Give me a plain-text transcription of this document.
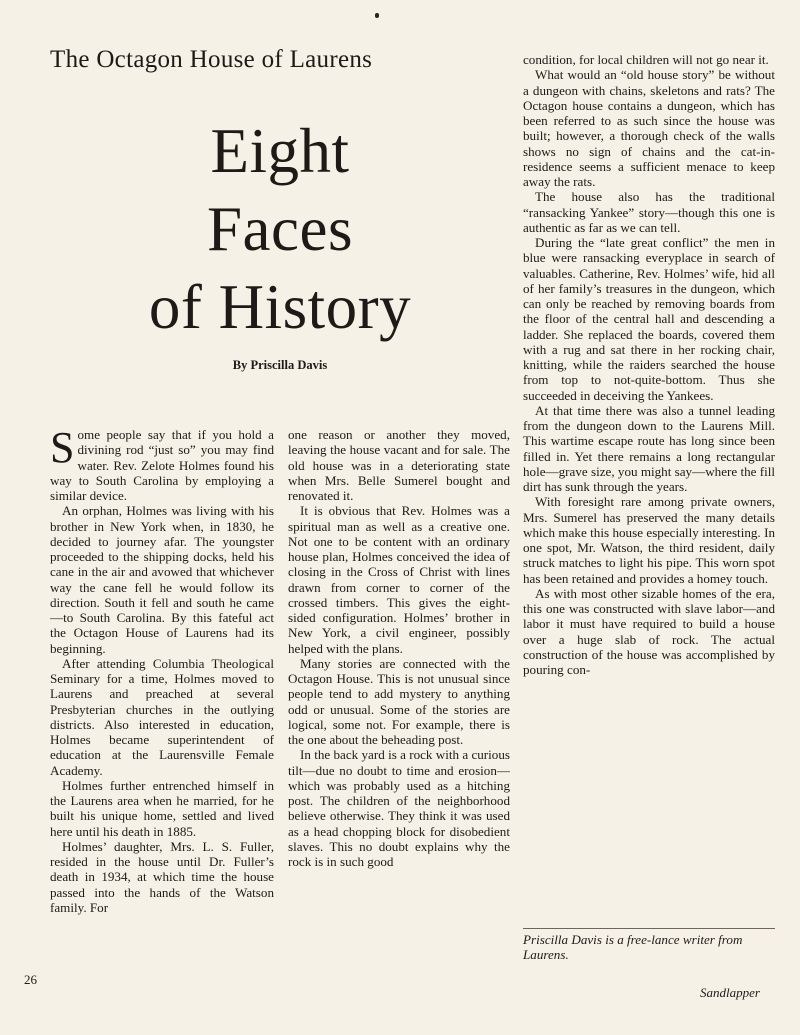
The Octagon House of Laurens
Eight
Faces
of History
By Priscilla Davis

Some people say that if you hold a divining rod “just so” you may find water. Rev. Zelote Holmes found his way to South Carolina by employing a similar device.

An orphan, Holmes was living with his brother in New York when, in 1830, he decided to journey afar. The youngster proceeded to the shipping docks, held his cane in the air and avowed that whichever way the cane fell he would follow its direction. South it fell and south he came—to South Carolina. By this fateful act the Octagon House of Laurens had its beginning.

After attending Columbia Theological Seminary for a time, Holmes moved to Laurens and preached at several Presbyterian churches in the outlying districts. Also interested in education, Holmes became superintendent of education at the Laurensville Female Academy.

Holmes further entrenched himself in the Laurens area when he married, for he built his unique home, settled and lived here until his death in 1885.

Holmes’ daughter, Mrs. L. S. Fuller, resided in the house until Dr. Fuller’s death in 1934, at which time the house passed into the hands of the Watson family. For

one reason or another they moved, leaving the house vacant and for sale. The old house was in a deteriorating state when Mrs. Belle Sumerel bought and renovated it.

It is obvious that Rev. Holmes was a spiritual man as well as a creative one. Not one to be content with an ordinary house plan, Holmes conceived the idea of closing in the Cross of Christ with lines drawn from corner to corner of the crossed timbers. This gives the eight-sided configuration. Holmes’ brother in New York, a civil engineer, possibly helped with the plans.

Many stories are connected with the Octagon House. This is not unusual since people tend to add mystery to anything odd or unusual. Some of the stories are logical, some not. For example, there is the one about the beheading post.

In the back yard is a rock with a curious tilt—due no doubt to time and erosion—which was probably used as a hitching post. The children of the neighborhood believe otherwise. They think it was used as a head chopping block for disobedient slaves. This no doubt explains why the rock is in such good

condition, for local children will not go near it.

What would an “old house story” be without a dungeon with chains, skeletons and rats? The Octagon house contains a dungeon, which has been referred to as such since the house was built; however, a thorough check of the walls shows no sign of chains and the cat-in-residence seems a sufficient menace to keep away the rats.

The house also has the traditional “ransacking Yankee” story—though this one is authentic as far as we can tell.

During the “late great conflict” the men in blue were ransacking everyplace in search of valuables. Catherine, Rev. Holmes’ wife, hid all of her family’s treasures in the dungeon, which can only be reached by removing boards from the floor of the central hall and descending a ladder. She replaced the boards, covered them with a rug and sat there in her rocking chair, knitting, while the raiders searched the house from top to not-quite-bottom. Thus she succeeded in deceiving the Yankees.

At that time there was also a tunnel leading from the dungeon down to the Laurens Mill. This wartime escape route has long since been filled in. Yet there remains a long rectangular hole—grave size, you might say—where the fill dirt has sunk through the years.

With foresight rare among private owners, Mrs. Sumerel has preserved the many details which make this house especially interesting. In one spot, Mr. Watson, the third resident, daily struck matches to light his pipe. This worn spot has been retained and provides a homey touch.

As with most other sizable homes of the era, this one was constructed with slave labor—and labor it must have required to build a house over a huge slab of rock. The actual construction of the house was accomplished by pouring con-

Priscilla Davis is a free-lance writer from Laurens.

26
Sandlapper
